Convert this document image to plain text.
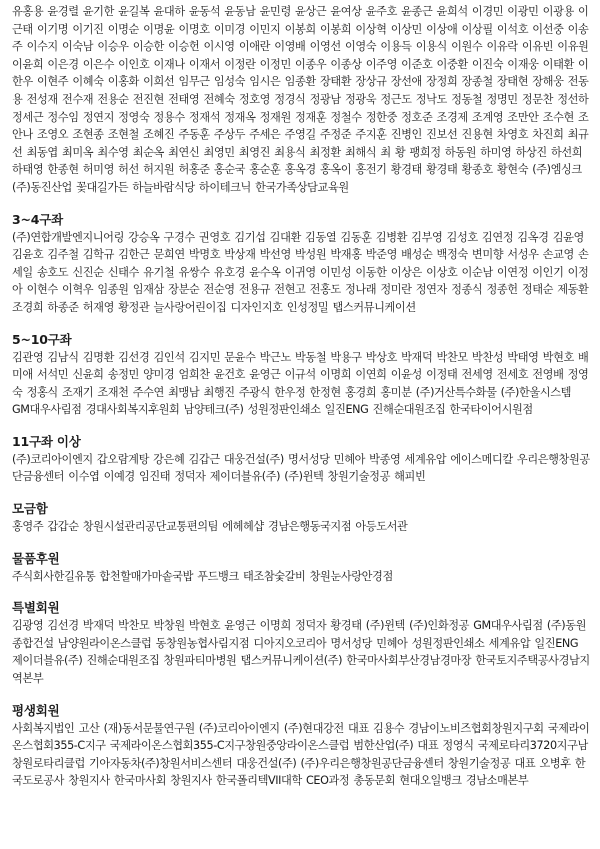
유홍용 윤경렬 윤기한 윤길복 윤대하 윤동석 윤동남 윤민령 윤상근 윤여상 윤주호 윤종근 윤희석 이경민 이광민 이광용 이근태 이기명 이기진 이명순 이명윤 이명호 이미경 이민지 이봉희 이봉희 이상혁 이상민 이상애 이상필 이석호 이선중 이송주 이수지 이숙남 이승우 이승한 이승헌 이시영 이애란 이영배 이영선 이영숙 이용득 이용식 이원수 이유락 이유빈 이유원 이윤희 이은경 이은수 이인호 이재나 이재서 이정란 이정민 이종우 이종상 이주영 이준호 이중환 이진숙 이재웅 이태환 이한우 이현주 이혜숙 이홍화 이희선 임무근 임성숙 임시은 임종환 장태환 장상규 장선애 장정희 장종철 장태현 장해웅 전동용 전성재 전수재 전용순 전진현 전태영 전혜숙 정호영 정경식 정광남 정광욱 정근도 정낙도 정동철 정명민 정문찬 정선하 정세근 정수임 정연지 정영숙 정용수 정재석 정재옥 정재원 정재훈 정철수 정한중 정호준 조경제 조계영 조만안 조수현 조안나 조영오 조현종 조현철 조혜진 주동훈 주상두 주세은 주영길 주정준 주지훈 진병인 진보선 진용현 차영호 차진희 최규선 최동엽 최미옥 최수영 최순옥 최연신 최영민 최영진 최용식 최정환 최해식 최 황 팽희정 하동원 하미영 하상진 하선희 하태영 한종현 허미영 허선 허지원 허홍준 홍순국 홍순훈 홍옥경 홍옥이 홍전기 황경태 황경태 황종호 황현숙 (주)엠싱크 (주)동진산업 꽃대길가든 하늘바람식당 하이테크닉 한국가족상담교육원

3~4구좌

(주)연합개발엔지니어링 강승옥 구경수 권영호 김기섭 김대환 김동열 김동훈 김병환 김부영 김성호 김연정 김옥경 김윤영 김윤호 김주철 김학규 김한근 문희연 박명호 박상재 박선영 박성원 박재홍 박준영 배성순 백정숙 변미향 서성우 손교영 손세일 송호도 신진순 신태수 유기철 유쌍수 유호경 윤수옥 이귀영 이민성 이동한 이상은 이상호 이순남 이연정 이인기 이정아 이현수 이혁우 임종원 임재삼 장분순 전순영 전용규 전현고 전홍도 정나래 정미란 정연자 정종식 정종헌 정태순 제동환 조경희 하종준 허재영 황정관 늘사랑어린이집 디자인지호 인성정밀 탭스커뮤니케이션

5~10구좌

김관영 김남식 김명환 김선경 김인석 김지민 문윤수 박근노 박동철 박용구 박상호 박재덕 박찬모 박찬성 박태영 박현호 배미애 서석민 신윤희 송정민 양미경 엄희찬 윤건호 윤영근 이규석 이명희 이연희 이윤성 이정태 전세영 전세호 전영배 정영숙 정홍식 조재기 조재천 주수연 최맹남 최행진 주광식 한우정 한정현 홍경희 홍미분 (주)거산특수화물 (주)한울시스템 GM대우사림점 경대사회복지후원회 남양테크(주) 성원정판인쇄소 일진ENG 진해순대원조집 한국타이어시원점

11구좌 이상

(주)코리아이엔지 갑오람계탕 강은혜 김갑근 대웅건설(주) 명서성당 민혜아 박종영 세계유압 에이스메디칼 우리은행창원공단금융센터 이수엽 이예경 임진태 정덕자 제이더블유(주) (주)윈텍 창원기술정공 해피빈

모금함

홍영주 갑갑순 창원시설관리공단교통편의팀 에헤헤샵 경남은행동국지점 아등도서관

물품후원

주식회사한길유통 합천할매가마솥국밥 푸드뱅크 태조참숯갈비 창원눈사랑안경점

특별회원

김광영 김선경 박재덕 박찬모 박창원 박현호 윤영근 이명희 정덕자 황경태 (주)윈텍 (주)인화정공 GM대우사림점 (주)동원종합건설 남양원라이온스클럽 동창원농협사림지점 디아지오코리아 명서성당 민혜아 성원정판인쇄소 세계유압 일진ENG 제이더블유(주) 진해순대원조집 창원파티마병원 탭스커뮤니케이션(주) 한국마사회부산경남경마장 한국토지주택공사경남지역본부

평생회원

사회복지법인 고산 (재)동서문물연구원 (주)코리아이엔지 (주)현대강전 대표 김용수 경남이노비즈협회창원지구회 국제라이온스협회355-C지구 국제라이온스협회355-C지구창원중앙라이온스클럽 범한산업(주) 대표 정영식 국제로타리3720지구남창원로타리클럽 기아자동차(주)창원서비스센터 대웅건설(주) (주)우리은행창원공단금융센터 창원기술정공 대표 오병후 한국도로공사 창원지사 한국마사회 창원지사 한국폴리텍VII대학 CEO과정 총동문회 현대오일뱅크 경남소매본부
